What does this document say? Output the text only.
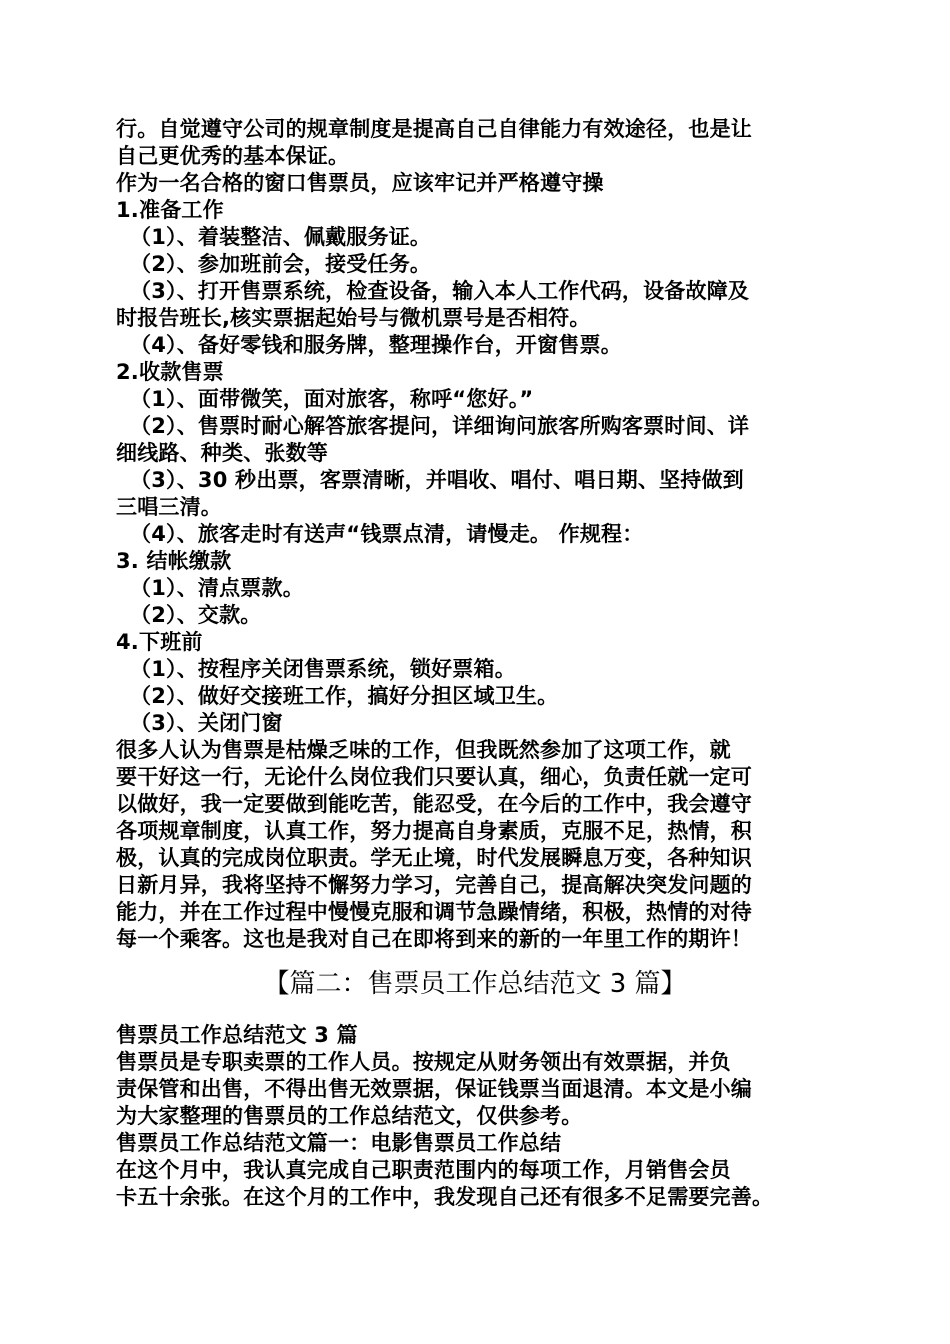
行。自觉遵守公司的规章制度是提高自己自律能力有效途径，也是让
自己更优秀的基本保证。
作为一名合格的窗口售票员，应该牢记并严格遵守操
1.准备工作
（1）、着装整洁、佩戴服务证。
（2）、参加班前会，接受任务。
（3）、打开售票系统，检查设备，输入本人工作代码，设备故障及
时报告班长,核实票据起始号与微机票号是否相符。
（4）、备好零钱和服务牌，整理操作台，开窗售票。
2.收款售票
（1）、面带微笑，面对旅客，称呼“您好。”
（2）、售票时耐心解答旅客提问，详细询问旅客所购客票时间、详
细线路、种类、张数等
（3）、30 秒出票，客票清晰，并唱收、唱付、唱日期、坚持做到
三唱三清。
（4）、旅客走时有送声“钱票点清，请慢走。 作规程：
3. 结帐缴款
（1）、清点票款。
（2）、交款。
4.下班前
（1）、按程序关闭售票系统，锁好票箱。
（2）、做好交接班工作，搞好分担区域卫生。
（3）、关闭门窗
很多人认为售票是枯燥乏味的工作，但我既然参加了这项工作，就
要干好这一行，无论什么岗位我们只要认真，细心，负责任就一定可
以做好，我一定要做到能吃苦，能忍受，在今后的工作中，我会遵守
各项规章制度，认真工作，努力提高自身素质，克服不足，热情，积
极，认真的完成岗位职责。学无止境，时代发展瞬息万变，各种知识
日新月异，我将坚持不懈努力学习，完善自己，提高解决突发问题的
能力，并在工作过程中慢慢克服和调节急躁情绪，积极，热情的对待
每一个乘客。这也是我对自己在即将到来的新的一年里工作的期许！
【篇二：售票员工作总结范文 3 篇】
售票员工作总结范文 3 篇
售票员是专职卖票的工作人员。按规定从财务领出有效票据，并负
责保管和出售，不得出售无效票据，保证钱票当面退清。本文是小编
为大家整理的售票员的工作总结范文，仅供参考。
售票员工作总结范文篇一：电影售票员工作总结
在这个月中，我认真完成自己职责范围内的每项工作，月销售会员
卡五十余张。在这个月的工作中，我发现自己还有很多不足需要完善。
